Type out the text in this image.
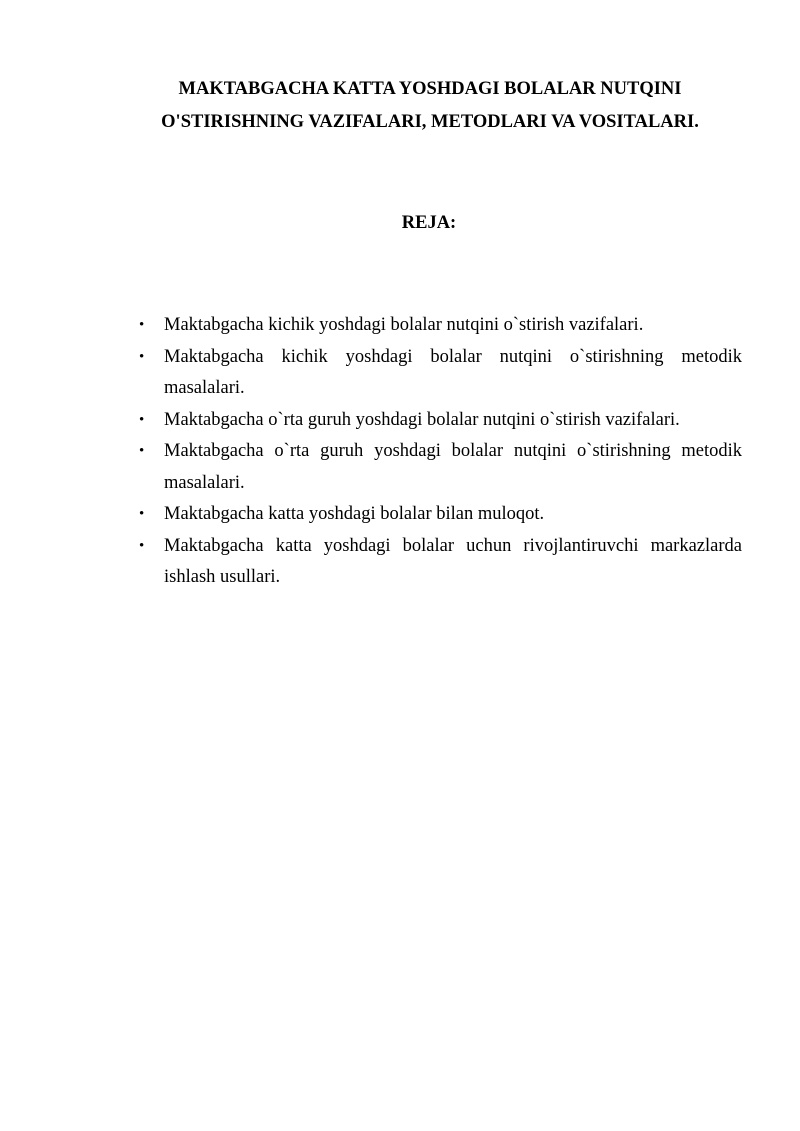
MAKTABGACHA KATTA YOSHDAGI BOLALAR NUTQINI
O'STIRISHNING VAZIFALARI, METODLARI VA VOSITALARI.
REJA:
• Maktabgacha kichik yoshdagi bolalar nutqini o`stirish vazifalari.
• Maktabgacha kichik yoshdagi bolalar nutqini o`stirishning metodik masalalari.
• Maktabgacha o`rta guruh yoshdagi bolalar nutqini o`stirish vazifalari.
• Maktabgacha o`rta guruh yoshdagi bolalar nutqini o`stirishning metodik masalalari.
• Maktabgacha katta yoshdagi bolalar bilan muloqot.
• Maktabgacha katta yoshdagi bolalar uchun rivojlantiruvchi markazlarda ishlash usullari.
